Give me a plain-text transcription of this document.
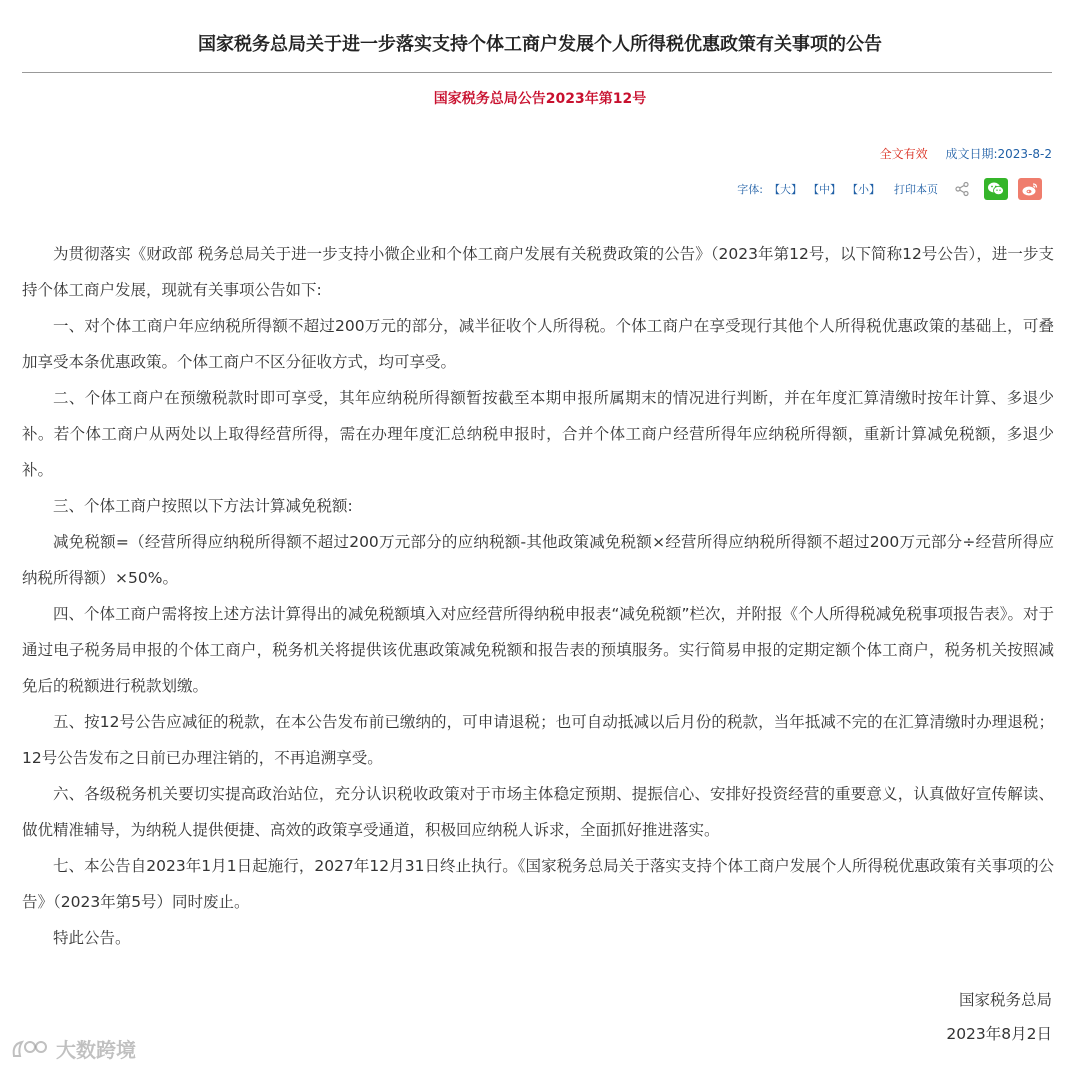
国家税务总局关于进一步落实支持个体工商户发展个人所得税优惠政策有关事项的公告
国家税务总局公告2023年第12号
全文有效 成文日期:2023-8-2
字体: 【大】 【中】 【小】 打印本页

为贯彻落实《财政部 税务总局关于进一步支持小微企业和个体工商户发展有关税费政策的公告》（2023年第12号，以下简称12号公告），进一步支持个体工商户发展，现就有关事项公告如下:

一、对个体工商户年应纳税所得额不超过200万元的部分，减半征收个人所得税。个体工商户在享受现行其他个人所得税优惠政策的基础上，可叠加享受本条优惠政策。个体工商户不区分征收方式，均可享受。

二、个体工商户在预缴税款时即可享受，其年应纳税所得额暂按截至本期申报所属期末的情况进行判断，并在年度汇算清缴时按年计算、多退少补。若个体工商户从两处以上取得经营所得，需在办理年度汇总纳税申报时，合并个体工商户经营所得年应纳税所得额，重新计算减免税额，多退少补。

三、个体工商户按照以下方法计算减免税额:

减免税额=（经营所得应纳税所得额不超过200万元部分的应纳税额-其他政策减免税额×经营所得应纳税所得额不超过200万元部分÷经营所得应纳税所得额）×50%。

四、个体工商户需将按上述方法计算得出的减免税额填入对应经营所得纳税申报表“减免税额”栏次，并附报《个人所得税减免税事项报告表》。对于通过电子税务局申报的个体工商户，税务机关将提供该优惠政策减免税额和报告表的预填服务。实行简易申报的定期定额个体工商户，税务机关按照减免后的税额进行税款划缴。

五、按12号公告应减征的税款，在本公告发布前已缴纳的，可申请退税；也可自动抵减以后月份的税款，当年抵减不完的在汇算清缴时办理退税；12号公告发布之日前已办理注销的，不再追溯享受。

六、各级税务机关要切实提高政治站位，充分认识税收政策对于市场主体稳定预期、提振信心、安排好投资经营的重要意义，认真做好宣传解读、做优精准辅导，为纳税人提供便捷、高效的政策享受通道，积极回应纳税人诉求，全面抓好推进落实。

七、本公告自2023年1月1日起施行，2027年12月31日终止执行。《国家税务总局关于落实支持个体工商户发展个人所得税优惠政策有关事项的公告》（2023年第5号）同时废止。

特此公告。

国家税务总局
2023年8月2日
大数跨境
